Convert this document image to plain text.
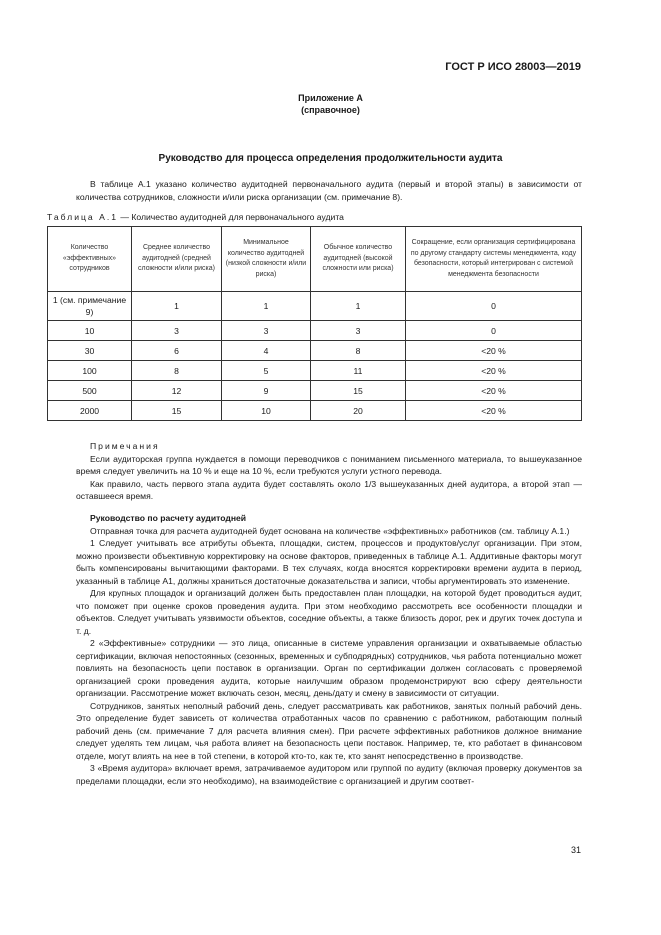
ГОСТ Р ИСО 28003—2019
Приложение А
(справочное)
Руководство для процесса определения продолжительности аудита

В таблице А.1 указано количество аудитодней первоначального аудита (первый и второй этапы) в зависимости от количества сотрудников, сложности и/или риска организации (см. примечание 8).

Таблица А.1 — Количество аудитодней для первоначального аудита
Количество «эффективных» сотрудников	Среднее количество аудитодней (средней сложности и/или риска)	Минимальное количество аудитодней (низкой сложности и/или риска)	Обычное количество аудитодней (высокой сложности или риска)	Сокращение, если организация сертифицирована по другому стандарту системы менеджмента, коду безопасности, который интегрирован с системой менеджмента безопасности
1 (см. примечание 9)	1	1	1	0
10	3	3	3	0
30	6	4	8	<20 %
100	8	5	11	<20 %
500	12	9	15	<20 %
2000	15	10	20	<20 %

Примечания

Если аудиторская группа нуждается в помощи переводчиков с пониманием письменного материала, то вышеуказанное время следует увеличить на 10 % и еще на 10 %, если требуются услуги устного перевода.

Как правило, часть первого этапа аудита будет составлять около 1/3 вышеуказанных дней аудитора, а второй этап — оставшееся время.

Руководство по расчету аудитодней

Отправная точка для расчета аудитодней будет основана на количестве «эффективных» работников (см. таблицу А.1.)

1 Следует учитывать все атрибуты объекта, площадки, систем, процессов и продуктов/услуг организации. При этом, можно произвести объективную корректировку на основе факторов, приведенных в таблице А.1. Аддитивные факторы могут быть компенсированы вычитающими факторами. В тех случаях, когда вносятся корректировки времени аудита в период, указанный в таблице А1, должны храниться достаточные доказательства и записи, чтобы аргументировать это изменение.

Для крупных площадок и организаций должен быть предоставлен план площадки, на которой будет проводиться аудит, что поможет при оценке сроков проведения аудита. При этом необходимо рассмотреть все особенности площадки и объектов. Следует учитывать уязвимости объектов, соседние объекты, а также близость дорог, рек и других точек доступа и т. д.

2 «Эффективные» сотрудники — это лица, описанные в системе управления организации и охватываемые областью сертификации, включая непостоянных (сезонных, временных и субподрядных) сотрудников, чья работа потенциально может повлиять на безопасность цепи поставок в организации. Орган по сертификации должен согласовать с проверяемой организацией сроки проведения аудита, которые наилучшим образом продемонстрируют всю сферу деятельности организации. Рассмотрение может включать сезон, месяц, день/дату и смену в зависимости от ситуации.

Сотрудников, занятых неполный рабочий день, следует рассматривать как работников, занятых полный рабочий день. Это определение будет зависеть от количества отработанных часов по сравнению с работником, работающим полный рабочий день (см. примечание 7 для расчета влияния смен). При расчете эффективных работников должное внимание следует уделять тем лицам, чья работа влияет на безопасность цепи поставок. Например, те, кто работает в финансовом отделе, могут влиять на нее в той степени, в которой кто-то, как те, кто занят непосредственно в производстве.

3 «Время аудитора» включает время, затрачиваемое аудитором или группой по аудиту (включая проверку документов за пределами площадки, если это необходимо), на взаимодействие с организацией и другим соответ-

31
